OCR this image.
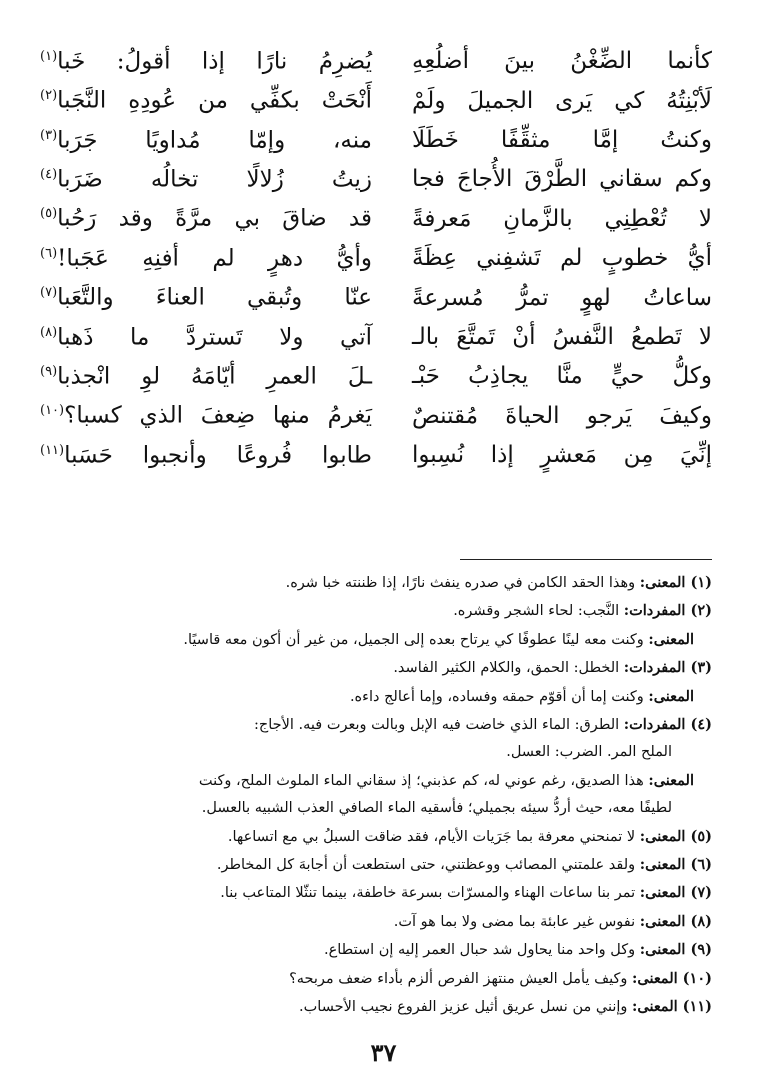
كأنما الضِّغْنُ بينَ أضلُعِهِ
يُضرِمُ نارًا إذا أقولُ: خَبا$^{(١)}$
لَأبْنِتُهُ كي يَرى الجميلَ ولَمْ
أَنْحَتْ بكفِّي من عُودِهِ النَّجَبا$^{(٢)}$
وكنتُ إمَّا مثقِّفًا خَطَلَا
منه، وإمّا مُداويًا جَرَبا$^{(٣)}$
وكم سقاني الطَّرْقَ الأُجاجَ فجا
زيتُ زُلالًا تخالُه ضَرَبا$^{(٤)}$
لا تُعْطِنِي بالزَّمانِ مَعرفةً
قد ضاقَ بي مرَّةً وقد رَحُبا$^{(٥)}$
أيُّ خطوبٍ لم تَشفِني عِظَةً
وأيُّ دهرٍ لم أفنِهِ عَجَبا!$^{(٦)}$
ساعاتُ لهوٍ تمرُّ مُسرعةً
عنّا وتُبقي العناءَ والتَّعَبا$^{(٧)}$
لا تَطمعُ النَّفسُ أنْ تَمتَّعَ بالـ
آتي ولا تَستردَّ ما ذَهبا$^{(٨)}$
وكلُّ حيٍّ منَّا يجاذِبُ حَبْـ
ـلَ العمرِ أيّامَهُ لوِ انْجذبا$^{(٩)}$
وكيفَ يَرجو الحياةَ مُقتنصٌ
يَغرمُ منها ضِعفَ الذي كسبا؟$^{(١٠)}$
إنِّيَ مِن مَعشرٍ إذا نُسِبوا
طابوا فُروعًا وأنجبوا حَسَبا$^{(١١)}$
(١) المعنى: وهذا الحقد الكامن في صدره ينفث نارًا، إذا ظننته خبا شره.
(٢) المفردات: النَّجب: لحاء الشجر وقشره.
المعنى: وكنت معه لينًا عطوفًا كي يرتاح بعده إلى الجميل، من غير أن أكون معه قاسيًا.
(٣) المفردات: الخطل: الحمق، والكلام الكثير الفاسد.
المعنى: وكنت إما أن أقوّم حمقه وفساده، وإما أعالج داءه.
(٤) المفردات: الطرق: الماء الذي خاضت فيه الإبل وبالت وبعرت فيه. الأجاج:
الملح المر. الضرب: العسل.
المعنى: هذا الصديق، رغم عوني له، كم عذبني؛ إذ سقاني الماء الملوث الملح، وكنت
لطيفًا معه، حيث أردُّ سيئه بجميلي؛ فأسقيه الماء الصافي العذب الشبيه بالعسل.
(٥) المعنى: لا تمنحني معرفة بما جَرَيات الأيام، فقد ضاقت السبلُ بي مع اتساعها.
(٦) المعنى: ولقد علمتني المصائب ووعظتني، حتى استطعت أن أجابهَ كل المخاطر.
(٧) المعنى: تمر بنا ساعات الهناء والمسرّات بسرعة خاطفة، بينما تنثّلا المتاعب بنا.
(٨) المعنى: نفوس غير عابئة بما مضى ولا بما هو آت.
(٩) المعنى: وكل واحد منا يحاول شد حبال العمر إليه إن استطاع.
(١٠) المعنى: وكيف يأمل العيش منتهز الفرص ألزم بأداء ضعف مربحه؟
(١١) المعنى: وإنني من نسل عريق أثيل عزيز الفروع نجيب الأحساب.
٣٧
